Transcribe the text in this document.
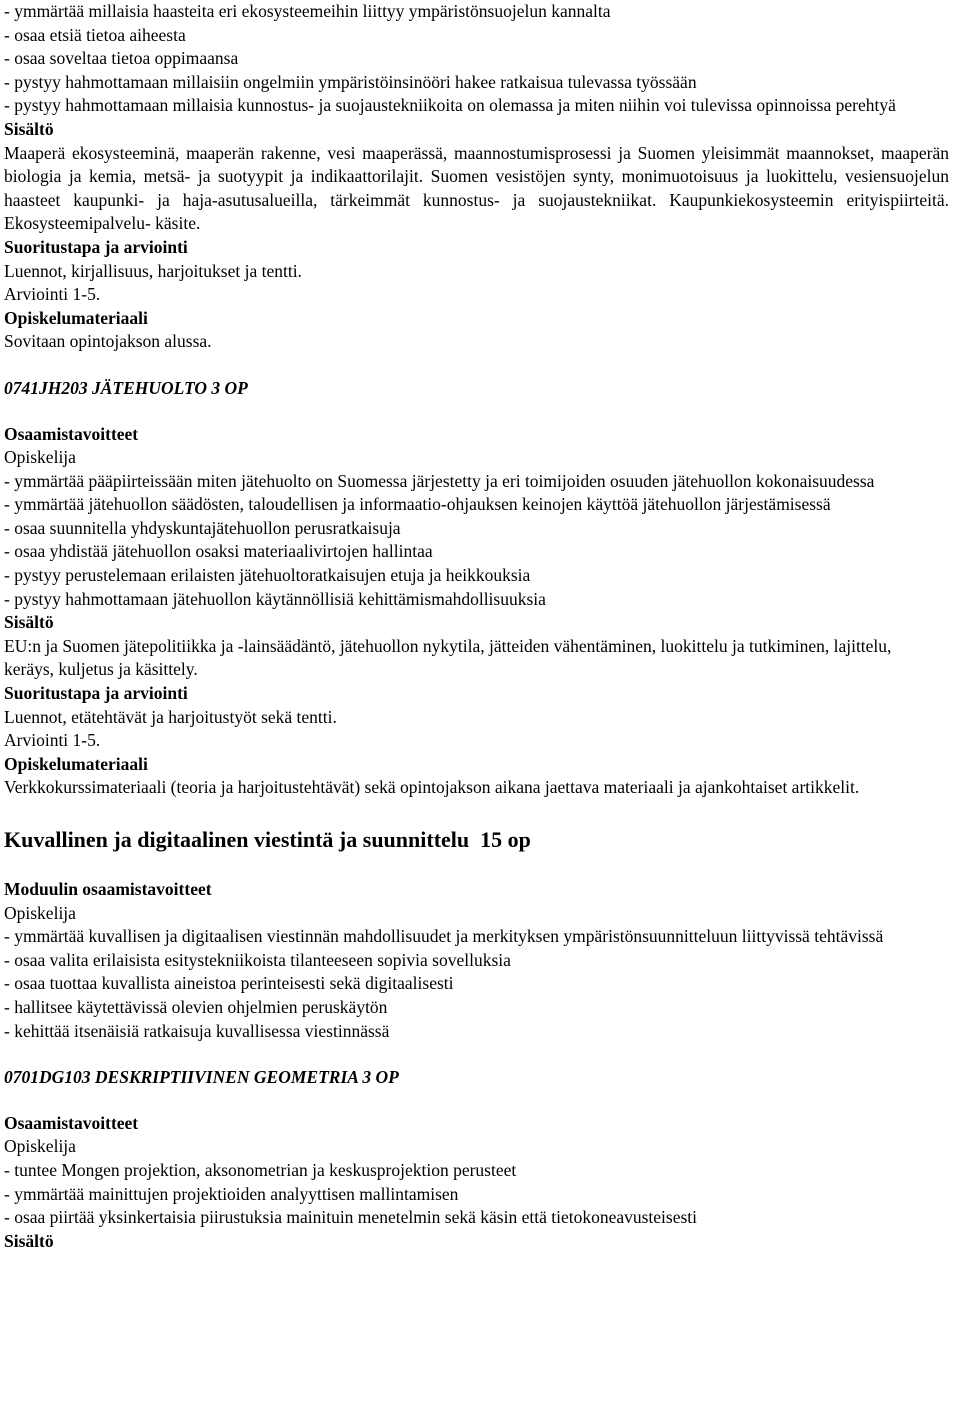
- ymmärtää millaisia haasteita eri ekosysteemeihin liittyy ympäristönsuojelun kannalta
- osaa etsiä tietoa aiheesta
- osaa soveltaa tietoa oppimaansa
- pystyy hahmottamaan millaisiin ongelmiin ympäristöinsinööri hakee ratkaisua tulevassa työssään
- pystyy hahmottamaan millaisia kunnostus- ja suojaustekniikoita on olemassa ja miten niihin voi tulevissa opinnoissa perehtyä
Sisältö
Maaperä ekosysteeminä, maaperän rakenne, vesi maaperässä, maannostumisprosessi ja Suomen yleisimmät maannokset, maaperän biologia ja kemia, metsä- ja suotyypit ja indikaattorilajit. Suomen vesistöjen synty, monimuotoisuus ja luokittelu, vesiensuojelun haasteet kaupunki- ja haja-asutusalueilla, tärkeimmät kunnostus- ja suojaustekniikat. Kaupunkiekosysteemin erityispiirteitä. Ekosysteemipalvelu- käsite.
Suoritustapa ja arviointi
Luennot, kirjallisuus, harjoitukset ja tentti.
Arviointi 1-5.
Opiskelumateriaali
Sovitaan opintojakson alussa.
0741JH203 JÄTEHUOLTO 3 OP
Osaamistavoitteet
Opiskelija
- ymmärtää pääpiirteissään miten jätehuolto on Suomessa järjestetty ja eri toimijoiden osuuden jätehuollon kokonaisuudessa
- ymmärtää jätehuollon säädösten, taloudellisen ja informaatio-ohjauksen keinojen käyttöä jätehuollon järjestämisessä
- osaa suunnitella yhdyskuntajätehuollon perusratkaisuja
- osaa yhdistää jätehuollon osaksi materiaalivirtojen hallintaa
- pystyy perustelemaan erilaisten jätehuoltoratkaisujen etuja ja heikkouksia
- pystyy hahmottamaan jätehuollon käytännöllisiä kehittämismahdollisuuksia
Sisältö
EU:n ja Suomen jätepolitiikka ja -lainsäädäntö, jätehuollon nykytila, jätteiden vähentäminen, luokittelu ja tutkiminen, lajittelu, keräys, kuljetus ja käsittely.
Suoritustapa ja arviointi
Luennot, etätehtävät ja harjoitustyöt sekä tentti.
Arviointi 1-5.
Opiskelumateriaali
Verkkokurssimateriaali (teoria ja harjoitustehtävät) sekä opintojakson aikana jaettava materiaali ja ajankohtaiset artikkelit.
Kuvallinen ja digitaalinen viestintä ja suunnittelu  15 op
Moduulin osaamistavoitteet
Opiskelija
- ymmärtää kuvallisen ja digitaalisen viestinnän mahdollisuudet ja merkityksen ympäristönsuunnitteluun liittyvissä tehtävissä
- osaa valita erilaisista esitystekniikoista tilanteeseen sopivia sovelluksia
- osaa tuottaa kuvallista aineistoa perinteisesti sekä digitaalisesti
- hallitsee käytettävissä olevien ohjelmien peruskäytön
- kehittää itsenäisiä ratkaisuja kuvallisessa viestinnässä
0701DG103 DESKRIPTIIVINEN GEOMETRIA 3 OP
Osaamistavoitteet
Opiskelija
- tuntee Mongen projektion, aksonometrian ja keskusprojektion perusteet
- ymmärtää mainittujen projektioiden analyyttisen mallintamisen
- osaa piirtää yksinkertaisia piirustuksia mainituin menetelmin sekä käsin että tietokoneavusteisesti
Sisältö
